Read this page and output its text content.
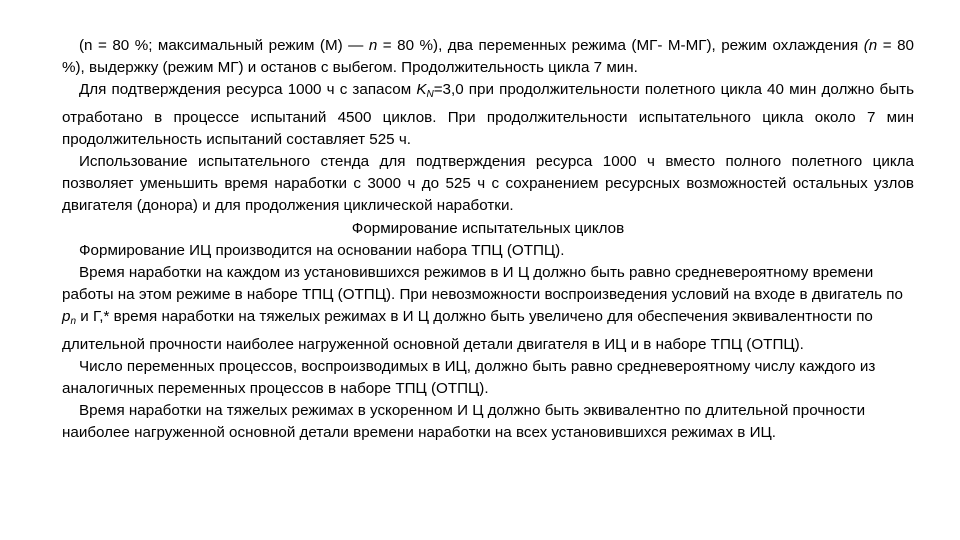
(n = 80 %; максимальный режим (М) — n = 80 %), два переменных режима (МГ- М-МГ), режим охлаждения (n = 80 %), выдержку (режим МГ) и останов с выбегом. Продолжительность цикла 7 мин.

Для подтверждения ресурса 1000 ч с запасом $K_N=3,0$ при продолжительности полетного цикла 40 мин должно быть отработано в процессе испытаний 4500 циклов. При продолжительности испытательного цикла около 7 мин продолжительность испытаний составляет 525 ч.

Использование испытательного стенда для подтверждения ресурса 1000 ч вместо полного полетного цикла позволяет уменьшить время наработки с 3000 ч до 525 ч с сохранением ресурсных возможностей остальных узлов двигателя (донора) и для продолжения циклической наработки.

Формирование испытательных циклов

Формирование ИЦ производится на основании набора ТПЦ (ОТПЦ).

Время наработки на каждом из установившихся режимов в И Ц должно быть равно средневероятному времени работы на этом режиме в наборе ТПЦ (ОТПЦ). При невозможности воспроизведения условий на входе в двигатель по $р_n$ и Г,* время наработки на тяжелых режимах в И Ц должно быть увеличено для обеспечения эквивалентности по длительной прочности наиболее нагруженной основной детали двигателя в ИЦ и в наборе ТПЦ (ОТПЦ).

Число переменных процессов, воспроизводимых в ИЦ, должно быть равно средневероятному числу каждого из аналогичных переменных процессов в наборе ТПЦ (ОТПЦ).

Время наработки на тяжелых режимах в ускоренном И Ц должно быть эквивалентно по длительной прочности наиболее нагруженной основной детали времени наработки на всех установившихся режимах в ИЦ.
